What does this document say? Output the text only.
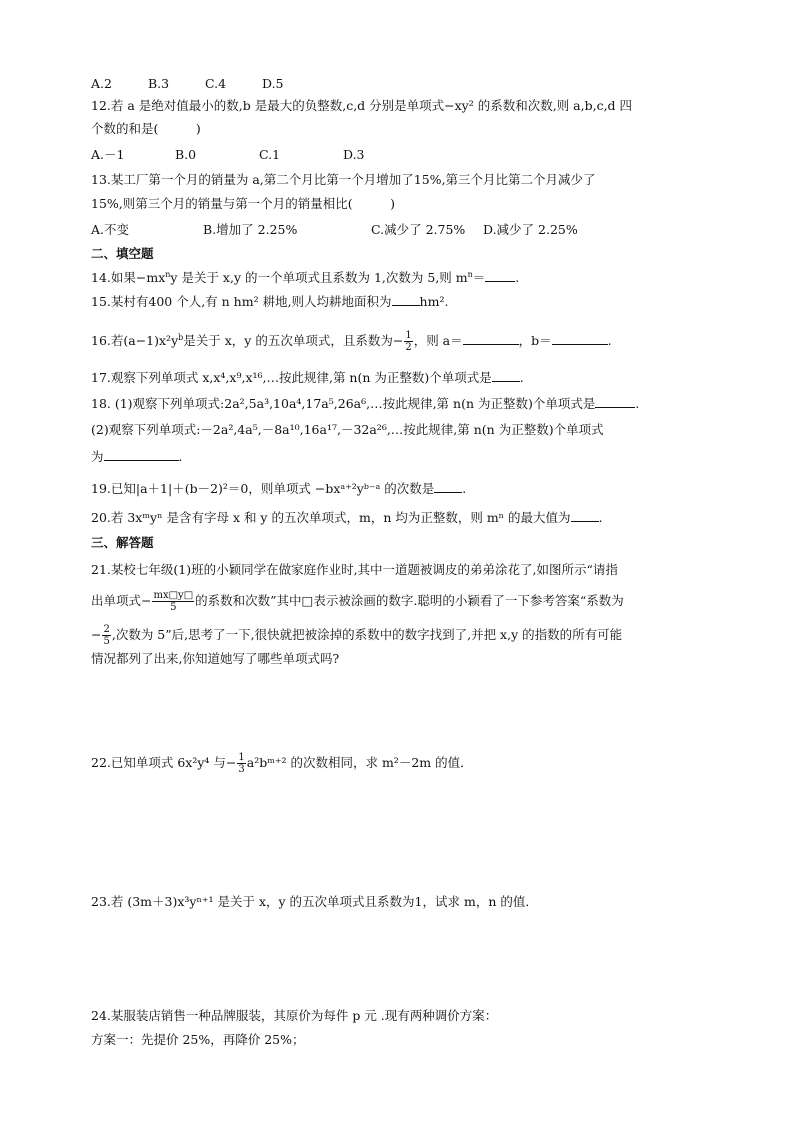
A.2	B.3	C.4	D.5
12.若 a 是绝对值最小的数,b 是最大的负整数,c,d 分别是单项式−xy² 的系数和次数,则 a,b,c,d 四
个数的和是(　　　)
A.－1	B.0	C.1	D.3
13.某工厂第一个月的销量为 a,第二个月比第一个月增加了15%,第三个月比第二个月减少了
15%,则第三个月的销量与第一个月的销量相比(　　　)
A.不变	B.增加了 2.25%	C.减少了 2.75% D.减少了 2.25%
二、填空题
14.如果$-mx^ny$ 是关于 x,y 的一个单项式且系数为 1,次数为 5,则 $m^n=$ .
15.某村有400 个人,有 n hm² 耕地,则人均耕地面积为 hm².
16.若$(a-1)x^2y^b$是关于 x，y 的五次单项式，且系数为− $\frac{1}{2}$ ，则 a＝	，b＝	.
17.观察下列单项式 x,x⁴,x⁹,x¹⁶,…按此规律,第 n(n 为正整数)个单项式是 .
18. (1)观察下列单项式:2a²,5a³,10a⁴,17a⁵,26a⁶,…按此规律,第 n(n 为正整数)个单项式是	.
(2)观察下列单项式:－2a²,4a⁵,－8a¹⁰,16a¹⁷,－32a²⁶,…按此规律,第 n(n 为正整数)个单项式
为	.
19.已知|a＋1|＋(b－2)²＝0，则单项式 −bxᵃ⁺²yᵇ⁻ᵃ 的次数是 .
20.若 3xᵐyⁿ 是含有字母 x 和 y 的五次单项式，m，n 均为正整数，则 mⁿ 的最大值为 .
三、解答题
21.某校七年级(1)班的小颖同学在做家庭作业时,其中一道题被调皮的弟弟涂花了,如图所示“请指
出单项式− $\frac{mx□y□}{5}$ 的系数和次数”其中□表示被涂画的数字.聪明的小颖看了一下参考答案“系数为
− $\frac{2}{5}$ ,次数为 5”后,思考了一下,很快就把被涂掉的系数中的数字找到了,并把 x,y 的指数的所有可能
情况都列了出来,你知道她写了哪些单项式吗?
22.已知单项式 6x²y⁴ 与− $\frac{1}{3}$ a²bᵐ⁺² 的次数相同，求 m²－2m 的值．
23.若 (3m＋3)x³yⁿ⁺¹ 是关于 x，y 的五次单项式且系数为1，试求 m，n 的值．
24.某服装店销售一种品牌服装，其原价为每件 p 元 .现有两种调价方案：
方案一：先提价 25%，再降价 25%；
